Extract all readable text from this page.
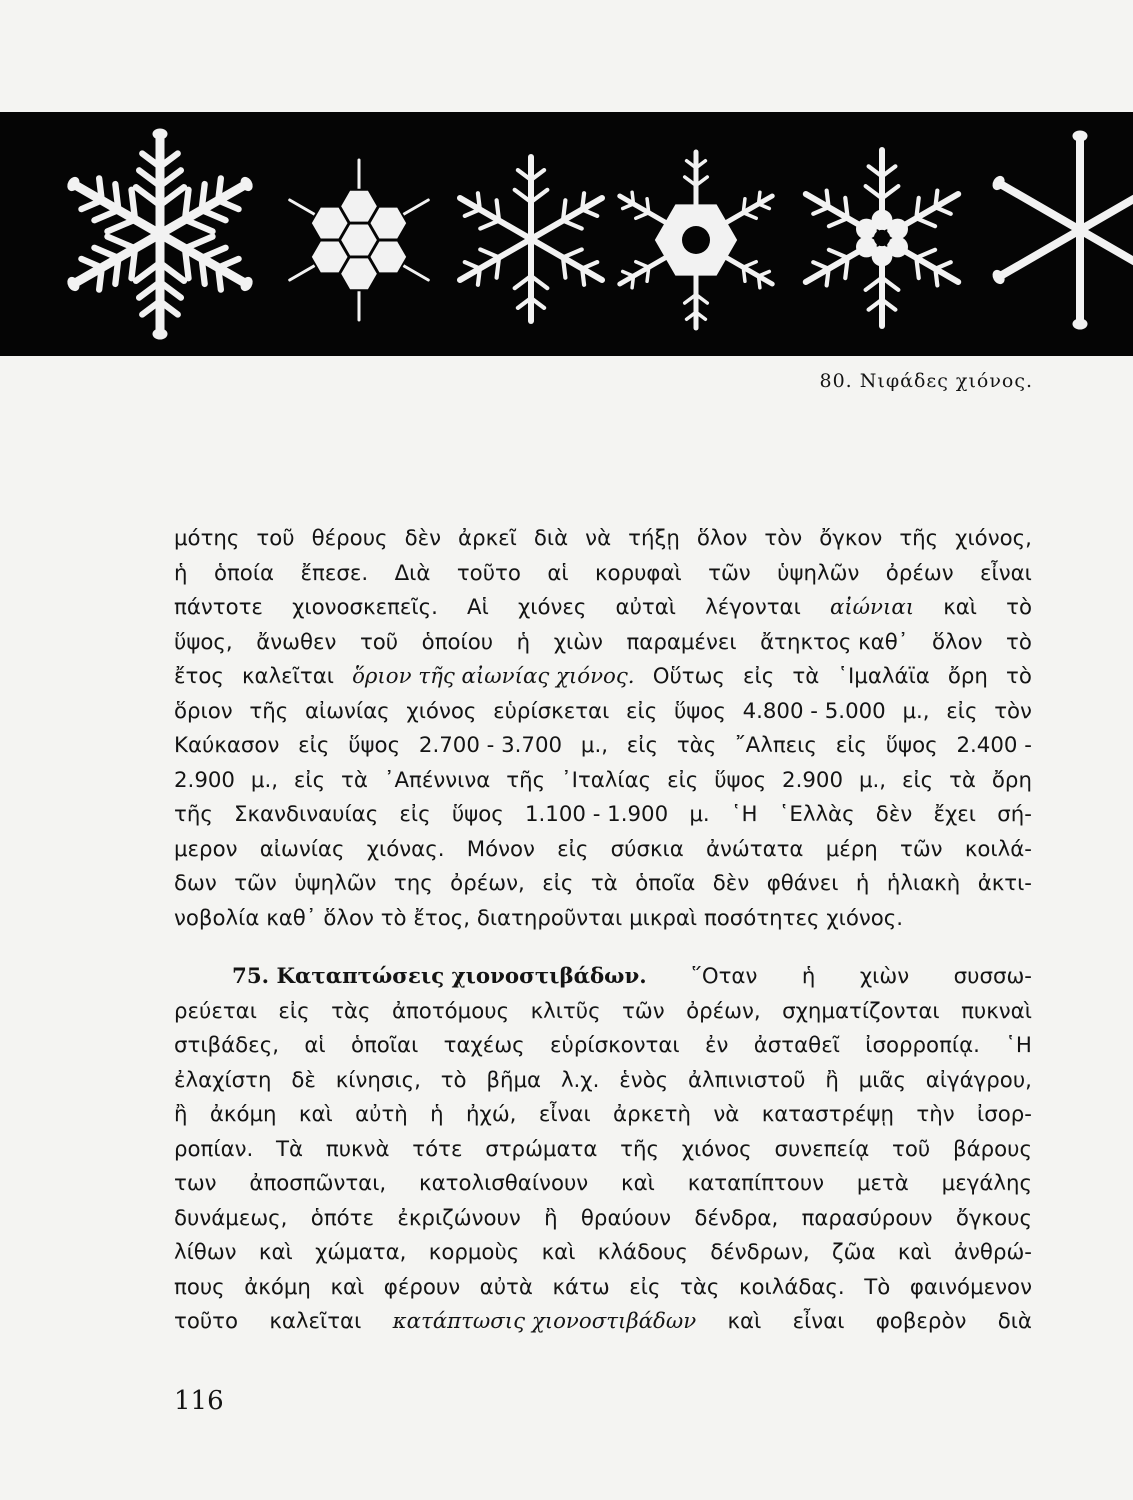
80. Νιφάδες χιόνος.
μότης τοῦ θέρους δὲν ἀρκεῖ διὰ νὰ τήξῃ ὅλον τὸν ὄγκον τῆς χιόνος,
ἡ ὁποία ἔπεσε. Διὰ τοῦτο αἱ κορυφαὶ τῶν ὑψηλῶν ὀρέων εἶναι
πάντοτε χιονοσκεπεῖς. Αἱ χιόνες αὐταὶ λέγονται αἰώνιαι καὶ τὸ
ὕψος, ἄνωθεν τοῦ ὁποίου ἡ χιὼν παραμένει ἄτηκτος καθ᾽ ὅλον τὸ
ἔτος καλεῖται ὅριον τῆς αἰωνίας χιόνος. Οὕτως εἰς τὰ ῾Ιμαλάϊα ὄρη τὸ
ὅριον τῆς αἰωνίας χιόνος εὑρίσκεται εἰς ὕψος 4.800 - 5.000 μ., εἰς τὸν
Καύκασον εἰς ὕψος 2.700 - 3.700 μ., εἰς τὰς ῎Αλπεις εἰς ὕψος 2.400 -
2.900 μ., εἰς τὰ ᾽Απέννινα τῆς ᾽Ιταλίας εἰς ὕψος 2.900 μ., εἰς τὰ ὄρη
τῆς Σκανδιναυίας εἰς ὕψος 1.100 - 1.900 μ. ῾Η ῾Ελλὰς δὲν ἔχει σή-
μερον αἰωνίας χιόνας. Μόνον εἰς σύσκια ἀνώτατα μέρη τῶν κοιλά-
δων τῶν ὑψηλῶν της ὀρέων, εἰς τὰ ὁποῖα δὲν φθάνει ἡ ἡλιακὴ ἀκτι-
νοβολία καθ᾽ ὅλον τὸ ἔτος, διατηροῦνται μικραὶ ποσότητες χιόνος.
75. Καταπτώσεις χιονοστιβάδων. ῞Οταν ἡ χιὼν συσσω-
ρεύεται εἰς τὰς ἀποτόμους κλιτῦς τῶν ὀρέων, σχηματίζονται πυκναὶ
στιβάδες, αἱ ὁποῖαι ταχέως εὑρίσκονται ἐν ἀσταθεῖ ἰσορροπίᾳ. ῾Η
ἐλαχίστη δὲ κίνησις, τὸ βῆμα λ.χ. ἑνὸς ἀλπινιστοῦ ἢ μιᾶς αἰγάγρου,
ἢ ἀκόμη καὶ αὐτὴ ἡ ἠχώ, εἶναι ἀρκετὴ νὰ καταστρέψῃ τὴν ἰσορ-
ροπίαν. Τὰ πυκνὰ τότε στρώματα τῆς χιόνος συνεπείᾳ τοῦ βάρους
των ἀποσπῶνται, κατολισθαίνουν καὶ καταπίπτουν μετὰ μεγάλης
δυνάμεως, ὁπότε ἐκριζώνουν ἢ θραύουν δένδρα, παρασύρουν ὄγκους
λίθων καὶ χώματα, κορμοὺς καὶ κλάδους δένδρων, ζῶα καὶ ἀνθρώ-
πους ἀκόμη καὶ φέρουν αὐτὰ κάτω εἰς τὰς κοιλάδας. Τὸ φαινόμενον
τοῦτο καλεῖται κατάπτωσις χιονοστιβάδων καὶ εἶναι φοβερὸν διὰ
116
